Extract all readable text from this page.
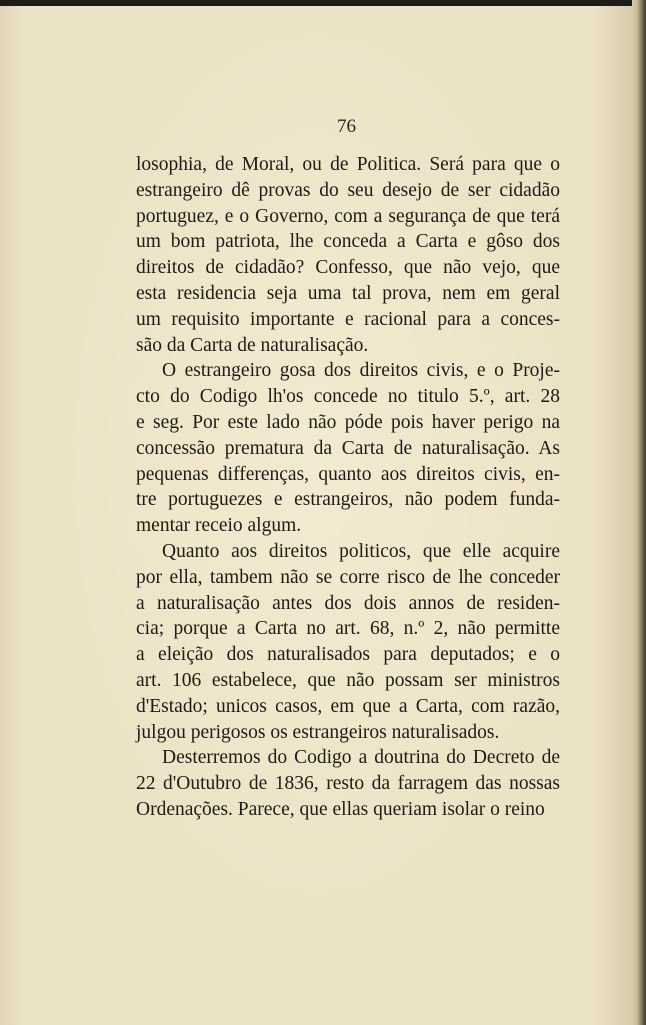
76
losophia, de Moral, ou de Politica. Será para que o
estrangeiro dê provas do seu desejo de ser cidadão
portuguez, e o Governo, com a segurança de que terá
um bom patriota, lhe conceda a Carta e gôso dos
direitos de cidadão? Confesso, que não vejo, que
esta residencia seja uma tal prova, nem em geral
um requisito importante e racional para a conces-
são da Carta de naturalisação.
O estrangeiro gosa dos direitos civis, e o Proje-
cto do Codigo lh'os concede no titulo 5.º, art. 28
e seg. Por este lado não póde pois haver perigo na
concessão prematura da Carta de naturalisação. As
pequenas differenças, quanto aos direitos civis, en-
tre portuguezes e estrangeiros, não podem funda-
mentar receio algum.
Quanto aos direitos politicos, que elle acquire
por ella, tambem não se corre risco de lhe conceder
a naturalisação antes dos dois annos de residen-
cia; porque a Carta no art. 68, n.º 2, não permitte
a eleição dos naturalisados para deputados; e o
art. 106 estabelece, que não possam ser ministros
d'Estado; unicos casos, em que a Carta, com razão,
julgou perigosos os estrangeiros naturalisados.
Desterremos do Codigo a doutrina do Decreto de
22 d'Outubro de 1836, resto da farragem das nossas
Ordenações. Parece, que ellas queriam isolar o reino
